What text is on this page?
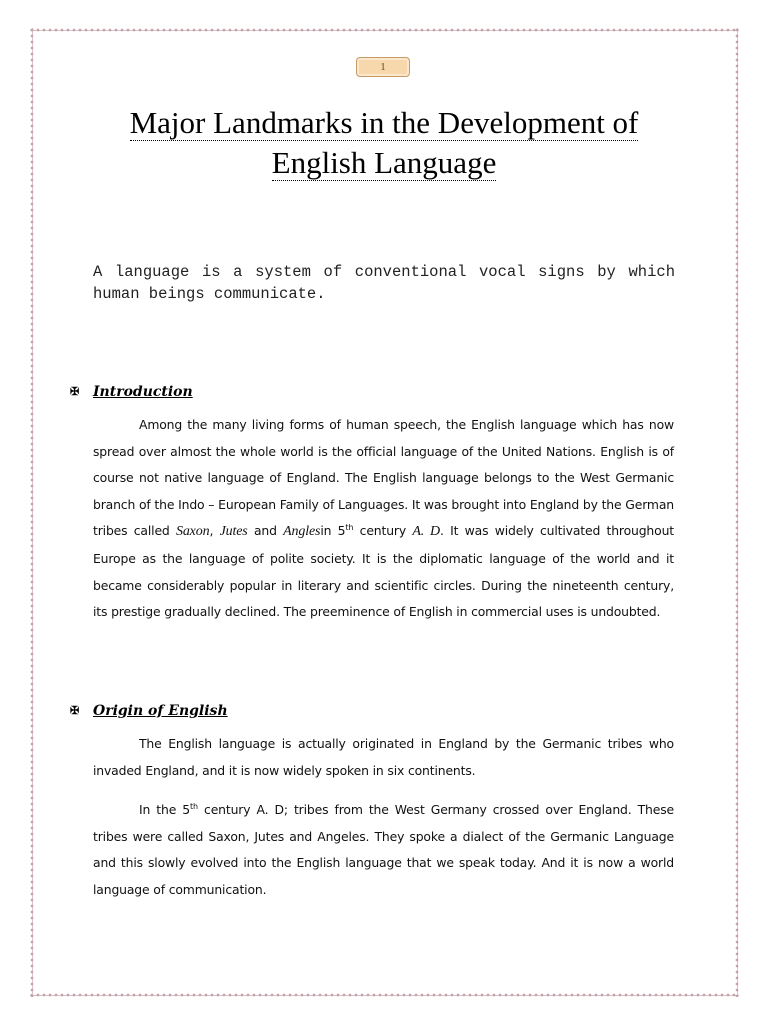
1
Major Landmarks in the Development of
English Language
A language is a system of conventional vocal signs by which human beings communicate.
✠ Introduction
Among the many living forms of human speech, the English language which has now spread over almost the whole world is the official language of the United Nations. English is of course not native language of England. The English language belongs to the West Germanic branch of the Indo – European Family of Languages. It was brought into England by the German tribes called Saxon, Jutes and Anglesin 5th century A. D. It was widely cultivated throughout Europe as the language of polite society. It is the diplomatic language of the world and it became considerably popular in literary and scientific circles. During the nineteenth century, its prestige gradually declined. The preeminence of English in commercial uses is undoubted.
✠ Origin of English
The English language is actually originated in England by the Germanic tribes who invaded England, and it is now widely spoken in six continents.
In the 5th century A. D; tribes from the West Germany crossed over England. These tribes were called Saxon, Jutes and Angeles. They spoke a dialect of the Germanic Language and this slowly evolved into the English language that we speak today. And it is now a world language of communication.
